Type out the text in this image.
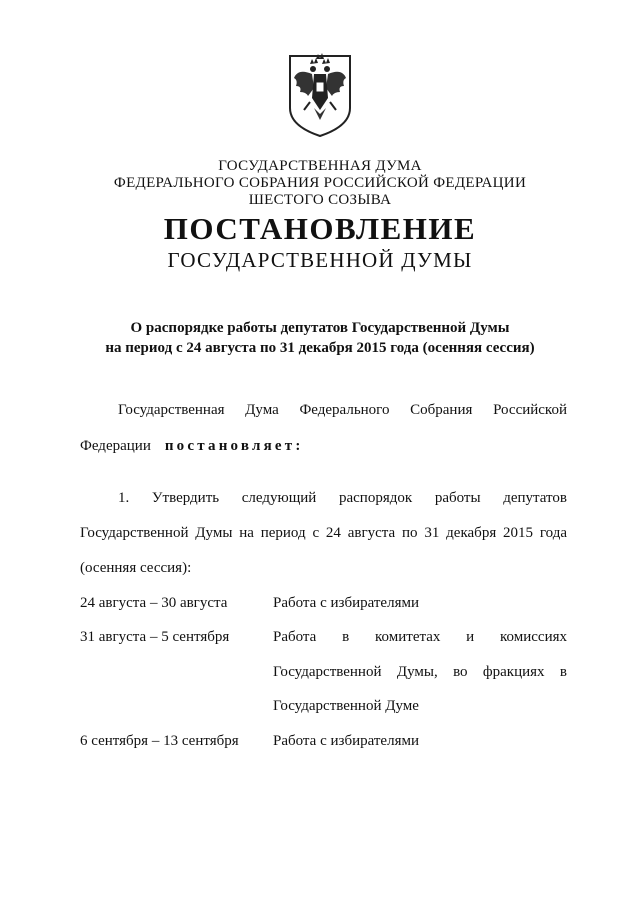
ГОСУДАРСТВЕННАЯ ДУМА
ФЕДЕРАЛЬНОГО СОБРАНИЯ РОССИЙСКОЙ ФЕДЕРАЦИИ
ШЕСТОГО СОЗЫВА
ПОСТАНОВЛЕНИЕ
ГОСУДАРСТВЕННОЙ ДУМЫ
О распорядке работы депутатов Государственной Думы
на период с 24 августа по 31 декабря 2015 года (осенняя сессия)
Государственная Дума Федерального Собрания Российской
Федерации постановляет:
1. Утвердить следующий распорядок работы депутатов
Государственной Думы на период с 24 августа по 31 декабря 2015 года
(осенняя сессия):
24 августа – 30 августа	Работа с избирателями
31 августа – 5 сентября	Работа в комитетах и комиссиях
Государственной Думы, во фракциях в
Государственной Думе
6 сентября – 13 сентября Работа с избирателями
